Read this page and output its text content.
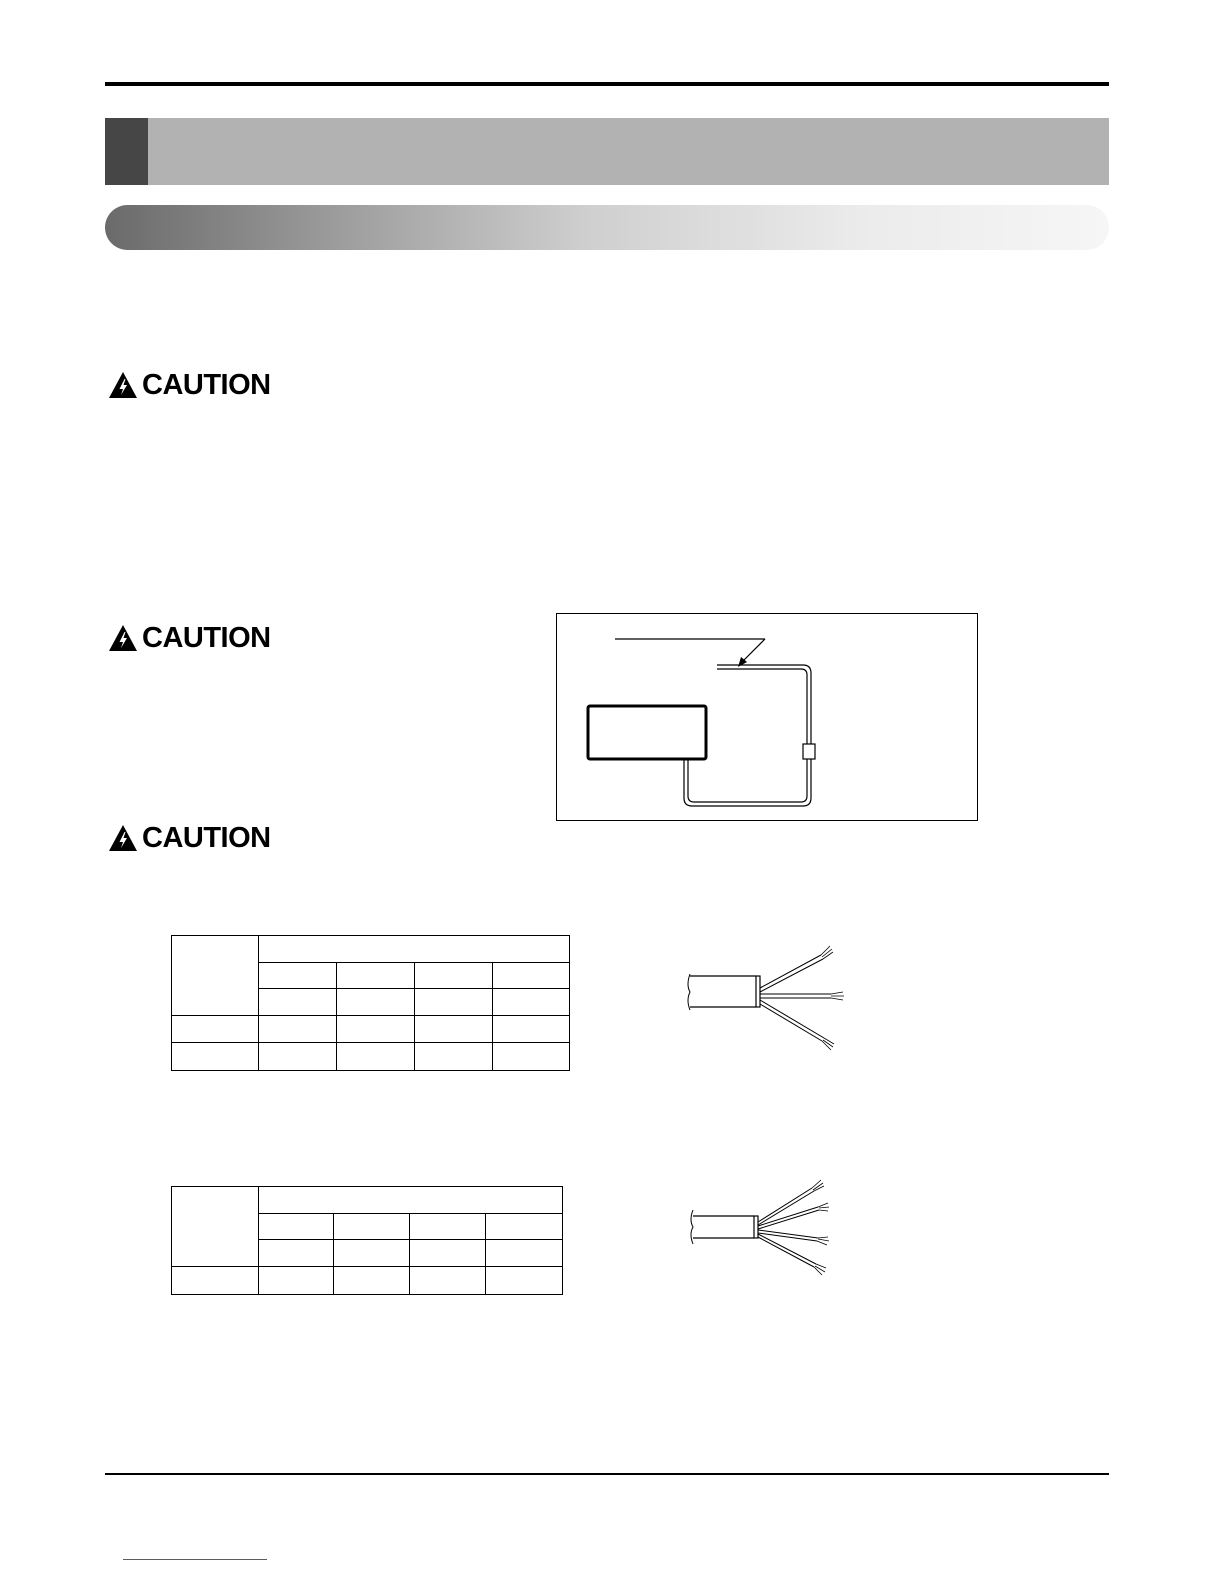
CAUTION
CAUTION
CAUTION
